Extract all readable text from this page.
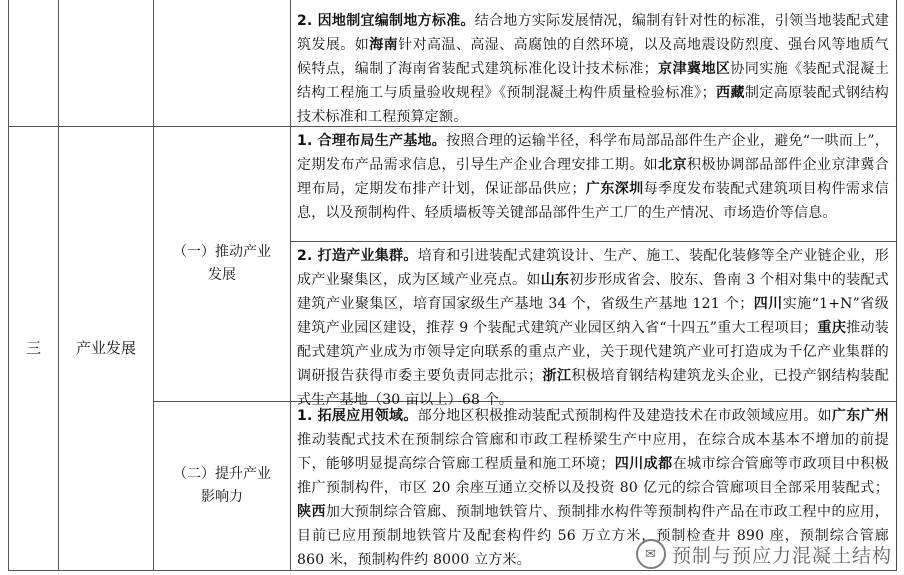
三 产业发展
（一）推动产业
发展
（二）提升产业
影响力
2. 因地制宜编制地方标准。结合地方实际发展情况，编制有针对性的标准，引领当地装配式建筑发展。如海南针对高温、高湿、高腐蚀的自然环境，以及高地震设防烈度、强台风等地质气候特点，编制了海南省装配式建筑标准化设计技术标准；京津冀地区协同实施《装配式混凝土结构工程施工与质量验收规程》《预制混凝土构件质量检验标准》；西藏制定高原装配式钢结构技术标准和工程预算定额。
1. 合理布局生产基地。按照合理的运输半径，科学布局部品部件生产企业，避免“一哄而上”，定期发布产品需求信息，引导生产企业合理安排工期。如北京积极协调部品部件企业京津冀合理布局，定期发布排产计划，保证部品供应；广东深圳每季度发布装配式建筑项目构件需求信息，以及预制构件、轻质墙板等关键部品部件生产工厂的生产情况、市场造价等信息。
2. 打造产业集群。培育和引进装配式建筑设计、生产、施工、装配化装修等全产业链企业，形成产业聚集区，成为区域产业亮点。如山东初步形成省会、胶东、鲁南 3 个相对集中的装配式建筑产业聚集区，培育国家级生产基地 34 个，省级生产基地 121 个；四川实施“1+N”省级建筑产业园区建设，推荐 9 个装配式建筑产业园区纳入省“十四五”重大工程项目；重庆推动装配式建筑产业成为市领导定向联系的重点产业，关于现代建筑产业可打造成为千亿产业集群的调研报告获得市委主要负责同志批示；浙江积极培育钢结构建筑龙头企业，已投产钢结构装配式生产基地（30 亩以上）68 个。
1. 拓展应用领域。部分地区积极推动装配式预制构件及建造技术在市政领域应用。如广东广州推动装配式技术在预制综合管廊和市政工程桥梁生产中应用，在综合成本基本不增加的前提下，能够明显提高综合管廊工程质量和施工环境；四川成都在城市综合管廊等市政项目中积极推广预制构件，市区 20 余座互通立交桥以及投资 80 亿元的综合管廊项目全部采用装配式；陕西加大预制综合管廊、预制地铁管片、预制排水构件等预制构件产品在市政工程中的应用，目前已应用预制地铁管片及配套构件约 56 万立方米，预制检查井 890 座，预制综合管廊 860 米，预制构件约 8000 立方米。	✉ 预制与预应力混凝土结构
